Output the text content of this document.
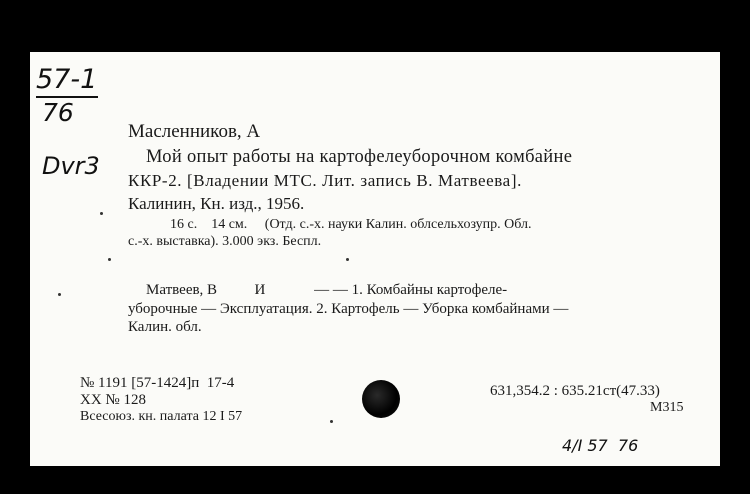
57-1
76
Dvr3
Масленников, А
Мой опыт работы на картофелеуборочном комбайне
ККР-2. [Владении МТС. Лит. запись В. Матвеева].
Калинин, Кн. изд., 1956.
16 с.    14 см.     (Отд. с.-х. науки Калин. облсельхозупр. Обл.
с.-х. выставка). 3.000 экз. Беспл.
Матвеев, В          И             — — 1. Комбайны картофеле-
уборочные — Эксплуатация. 2. Картофель — Уборка комбайнами —
Калин. обл.
№ 1191 [57-1424]п  17-4
ХХ № 128
Всесоюз. кн. палата 12 I 57
631,354.2 : 635.21ст(47.33)
М315
4/I 57  76
